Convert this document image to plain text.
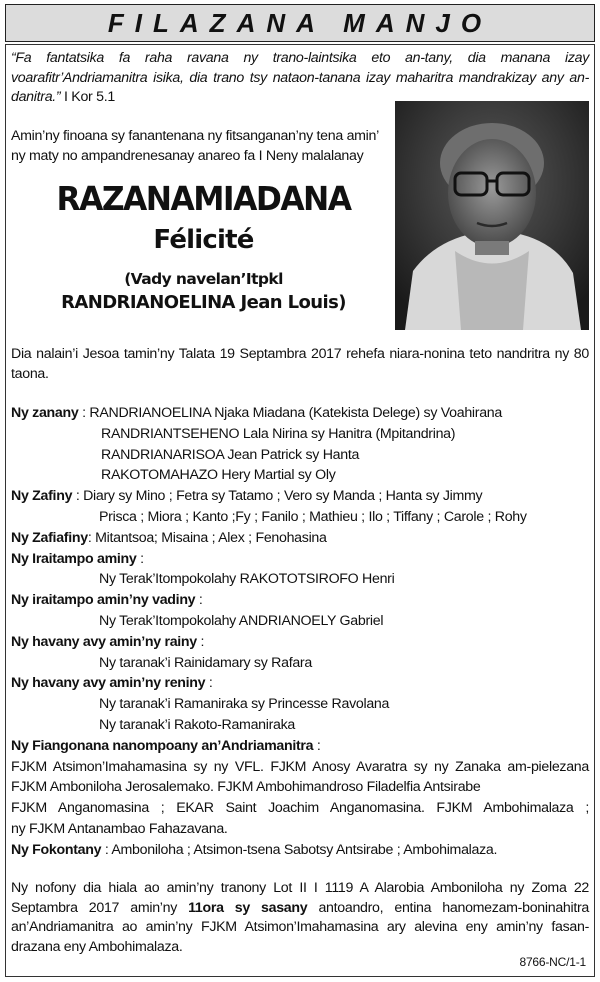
FILAZANA MANJO
“Fa fantatsika fa raha ravana ny trano-laintsika eto an-tany, dia manana izay voarafitr’Andriamanitra isika, dia trano tsy nataon-tanana izay maharitra mandrakizay any an-danitra.” I Kor 5.1
Amin’ny finoana sy fanantenana ny fitsanganan’ny tena amin’ ny maty no ampandrenesanay anareo fa I Neny malalanay
RAZANAMIADANA
Félicité
(Vady navelan’Itpkl
RANDRIANOELINA Jean Louis)
Dia nalain’i Jesoa tamin’ny Talata 19 Septambra 2017 rehefa niara-nonina teto nandritra ny 80 taona.
Ny zanany : RANDRIANOELINA Njaka Miadana (Katekista Delege) sy Voahirana
RANDRIANTSEHENO Lala Nirina sy Hanitra (Mpitandrina)
RANDRIANARISOA Jean Patrick sy Hanta
RAKOTOMAHAZO Hery Martial sy Oly
Ny Zafiny : Diary sy Mino ; Fetra sy Tatamo ; Vero sy Manda ; Hanta sy Jimmy
Prisca ; Miora ; Kanto ;Fy ; Fanilo ; Mathieu ; Ilo ; Tiffany ; Carole ; Rohy
Ny Zafiafiny: Mitantsoa; Misaina ; Alex ; Fenohasina
Ny Iraitampo aminy :
Ny Terak’Itompokolahy RAKOTOTSIROFO Henri
Ny iraitampo amin’ny vadiny :
Ny Terak’Itompokolahy ANDRIANOELY Gabriel
Ny havany avy amin’ny rainy :
Ny taranak’i Rainidamary sy Rafara
Ny havany avy amin’ny reniny :
Ny taranak’i Ramaniraka sy Princesse Ravolana
Ny taranak’i Rakoto-Ramaniraka
Ny Fiangonana nanompoany an’Andriamanitra :
FJKM Atsimon’Imahamasina sy ny VFL. FJKM Anosy Avaratra sy ny Zanaka am-pielezana
FJKM Amboniloha Jerosalemako. FJKM Ambohimandroso Filadelfia Antsirabe
FJKM Anganomasina ; EKAR Saint Joachim Anganomasina. FJKM Ambohimalaza ;
ny FJKM Antanambao Fahazavana.
Ny Fokontany : Amboniloha ; Atsimon-tsena Sabotsy Antsirabe ; Ambohimalaza.
Ny nofony dia hiala ao amin’ny tranony Lot II I 1119 A Alarobia Amboniloha ny Zoma 22 Septambra 2017 amin’ny 11ora sy sasany antoandro, entina hanomezam-boninahitra an’Andriamanitra ao amin’ny FJKM Atsimon’Imahamasina ary alevina eny amin’ny fasan-drazana eny Ambohimalaza.
8766-NC/1-1
